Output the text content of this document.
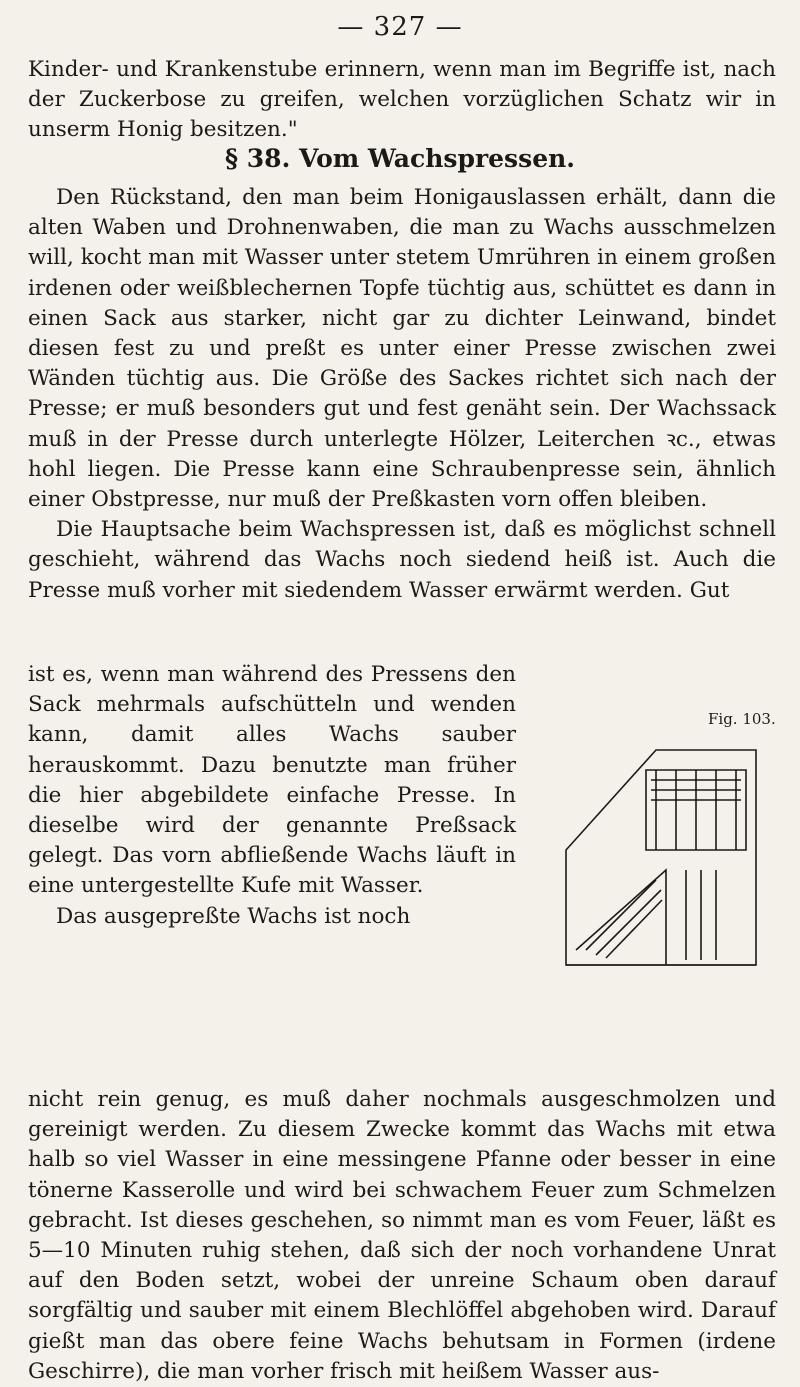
— 327 —

Kinder- und Krankenstube erinnern, wenn man im Begriffe ist, nach der Zuckerbose zu greifen, welchen vorzüglichen Schatz wir in unserm Honig besitzen."

§ 38. Vom Wachspressen.

Den Rückstand, den man beim Honigauslassen erhält, dann die alten Waben und Drohnenwaben, die man zu Wachs ausschmelzen will, kocht man mit Wasser unter stetem Umrühren in einem großen irdenen oder weißblechernen Topfe tüchtig aus, schüttet es dann in einen Sack aus starker, nicht gar zu dichter Leinwand, bindet diesen fest zu und preßt es unter einer Presse zwischen zwei Wänden tüchtig aus. Die Größe des Sackes richtet sich nach der Presse; er muß besonders gut und fest genäht sein. Der Wachssack muß in der Presse durch unterlegte Hölzer, Leiterchen ꝛc., etwas hohl liegen. Die Presse kann eine Schraubenpresse sein, ähnlich einer Obstpresse, nur muß der Preßkasten vorn offen bleiben.

Die Hauptsache beim Wachspressen ist, daß es möglichst schnell geschieht, während das Wachs noch siedend heiß ist. Auch die Presse muß vorher mit siedendem Wasser erwärmt werden. Gut

ist es, wenn man während des Pressens den Sack mehrmals aufschütteln und wenden kann, damit alles Wachs sauber herauskommt. Dazu benutzte man früher die hier abgebildete einfache Presse. In dieselbe wird der genannte Preßsack gelegt. Das vorn abfließende Wachs läuft in eine untergestellte Kufe mit Wasser.

Das ausgepreßte Wachs ist noch

Fig. 103.

nicht rein genug, es muß daher nochmals ausgeschmolzen und gereinigt werden. Zu diesem Zwecke kommt das Wachs mit etwa halb so viel Wasser in eine messingene Pfanne oder besser in eine tönerne Kasserolle und wird bei schwachem Feuer zum Schmelzen gebracht. Ist dieses geschehen, so nimmt man es vom Feuer, läßt es 5—10 Minuten ruhig stehen, daß sich der noch vorhandene Unrat auf den Boden setzt, wobei der unreine Schaum oben darauf sorgfältig und sauber mit einem Blechlöffel abgehoben wird. Darauf gießt man das obere feine Wachs behutsam in Formen (irdene Geschirre), die man vorher frisch mit heißem Wasser aus-
